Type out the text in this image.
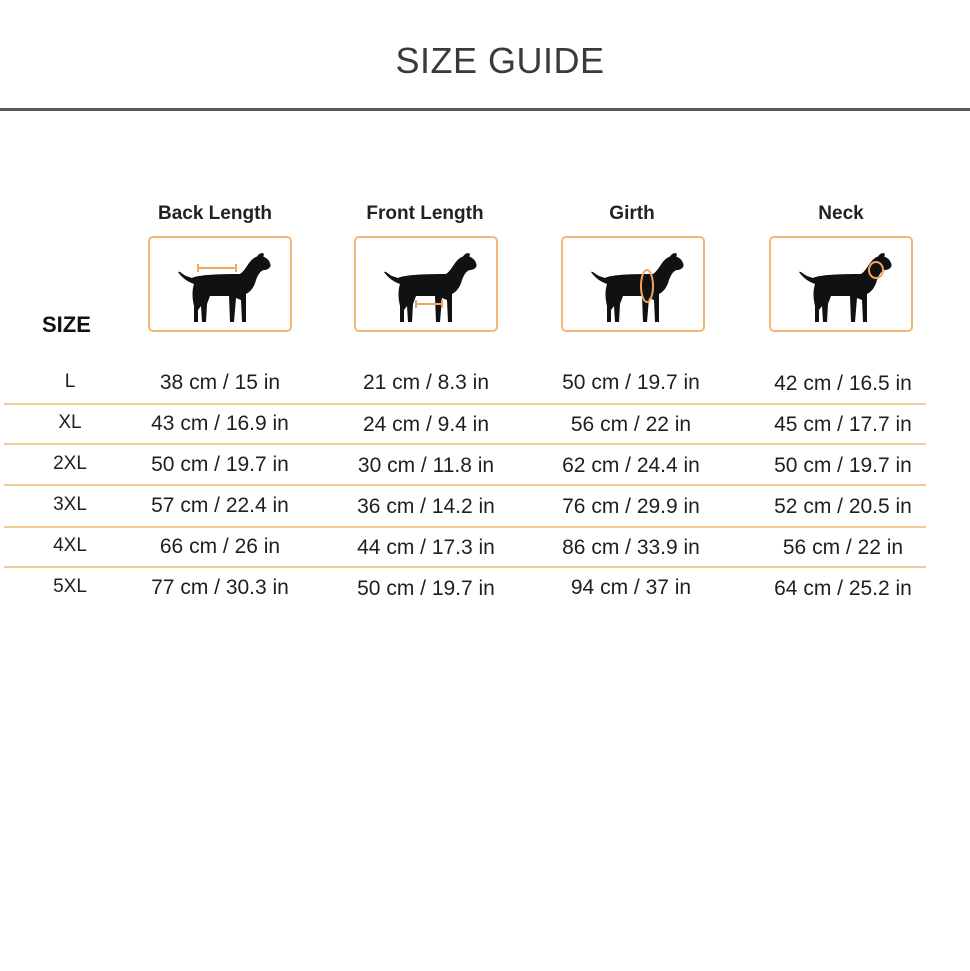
SIZE GUIDE
SIZE
Back Length	Front Length	Girth	Neck
L	38 cm / 15 in	21 cm / 8.3 in	50 cm / 19.7 in	42 cm / 16.5 in
XL	43 cm / 16.9 in	24 cm / 9.4 in	56 cm / 22 in	45 cm / 17.7 in
2XL	50 cm / 19.7 in	30 cm / 11.8 in	62 cm / 24.4 in	50 cm / 19.7 in
3XL	57 cm / 22.4 in	36 cm / 14.2 in	76 cm / 29.9 in	52 cm / 20.5 in
4XL	66 cm / 26 in	44 cm / 17.3 in	86 cm / 33.9 in	56 cm / 22 in
5XL	77 cm / 30.3 in	50 cm / 19.7 in	94 cm / 37 in	64 cm / 25.2 in
